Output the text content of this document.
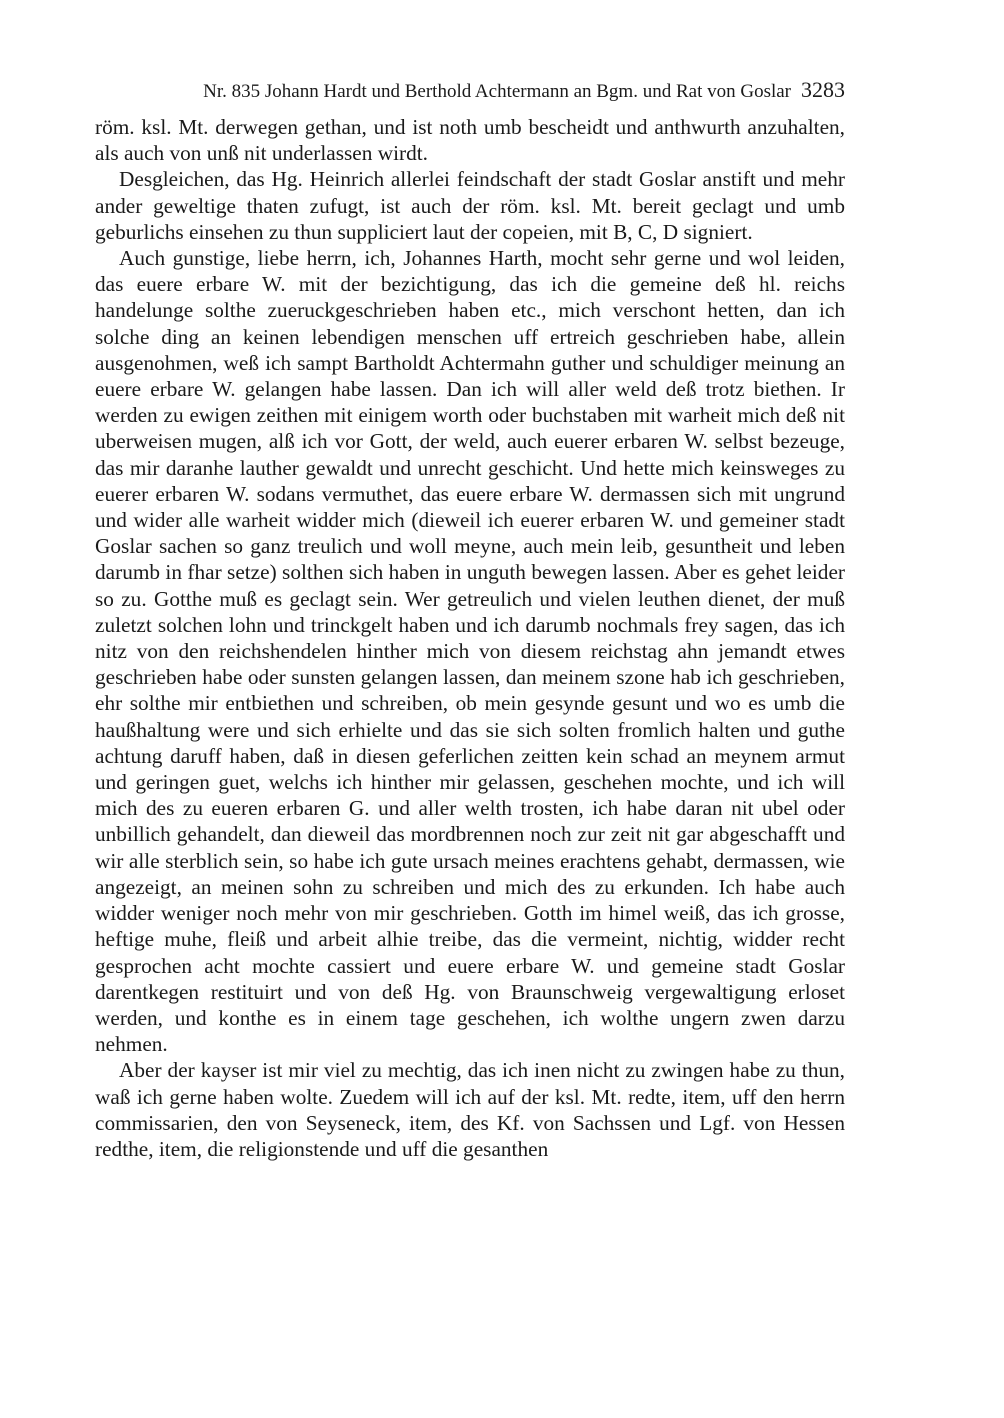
Nr. 835 Johann Hardt und Berthold Achtermann an Bgm. und Rat von Goslar 3283

röm. ksl. Mt. derwegen gethan, und ist noth umb bescheidt und anthwurth anzuhalten, als auch von unß nit underlassen wirdt.

Desgleichen, das Hg. Heinrich allerlei feindschaft der stadt Goslar anstift und mehr ander geweltige thaten zufugt, ist auch der röm. ksl. Mt. bereit geclagt und umb geburlichs einsehen zu thun suppliciert laut der copeien, mit B, C, D signiert.

Auch gunstige, liebe herrn, ich, Johannes Harth, mocht sehr gerne und wol leiden, das euere erbare W. mit der bezichtigung, das ich die gemeine deß hl. reichs handelunge solthe zueruckgeschrieben haben etc., mich verschont hetten, dan ich solche ding an keinen lebendigen menschen uff ertreich geschrieben habe, allein ausgenohmen, weß ich sampt Bartholdt Achtermahn guther und schuldiger meinung an euere erbare W. gelangen habe lassen. Dan ich will aller weld deß trotz biethen. Ir werden zu ewigen zeithen mit einigem worth oder buchstaben mit warheit mich deß nit uberweisen mugen, alß ich vor Gott, der weld, auch euerer erbaren W. selbst bezeuge, das mir daranhe lauther gewaldt und unrecht geschicht. Und hette mich keinsweges zu euerer erbaren W. sodans vermuthet, das euere erbare W. dermassen sich mit ungrund und wider alle warheit widder mich (dieweil ich euerer erbaren W. und gemeiner stadt Goslar sachen so ganz treulich und woll meyne, auch mein leib, gesuntheit und leben darumb in fhar setze) solthen sich haben in unguth bewegen lassen. Aber es gehet leider so zu. Gotthe muß es geclagt sein. Wer getreulich und vielen leuthen dienet, der muß zuletzt solchen lohn und trinckgelt haben und ich darumb nochmals frey sagen, das ich nitz von den reichshendelen hinther mich von diesem reichstag ahn jemandt etwes geschrieben habe oder sunsten gelangen lassen, dan meinem szone hab ich geschrieben, ehr solthe mir entbiethen und schreiben, ob mein gesynde gesunt und wo es umb die haußhaltung were und sich erhielte und das sie sich solten fromlich halten und guthe achtung daruff haben, daß in diesen geferlichen zeitten kein schad an meynem armut und geringen guet, welchs ich hinther mir gelassen, geschehen mochte, und ich will mich des zu eueren erbaren G. und aller welth trosten, ich habe daran nit ubel oder unbillich gehandelt, dan dieweil das mordbrennen noch zur zeit nit gar abgeschafft und wir alle sterblich sein, so habe ich gute ursach meines erachtens gehabt, dermassen, wie angezeigt, an meinen sohn zu schreiben und mich des zu erkunden. Ich habe auch widder weniger noch mehr von mir geschrieben. Gotth im himel weiß, das ich grosse, heftige muhe, fleiß und arbeit alhie treibe, das die vermeint, nichtig, widder recht gesprochen acht mochte cassiert und euere erbare W. und gemeine stadt Goslar darentkegen restituirt und von deß Hg. von Braunschweig vergewaltigung erloset werden, und konthe es in einem tage geschehen, ich wolthe ungern zwen darzu nehmen.

Aber der kayser ist mir viel zu mechtig, das ich inen nicht zu zwingen habe zu thun, waß ich gerne haben wolte. Zuedem will ich auf der ksl. Mt. redte, item, uff den herrn commissarien, den von Seyseneck, item, des Kf. von Sachssen und Lgf. von Hessen redthe, item, die religionstende und uff die gesanthen
